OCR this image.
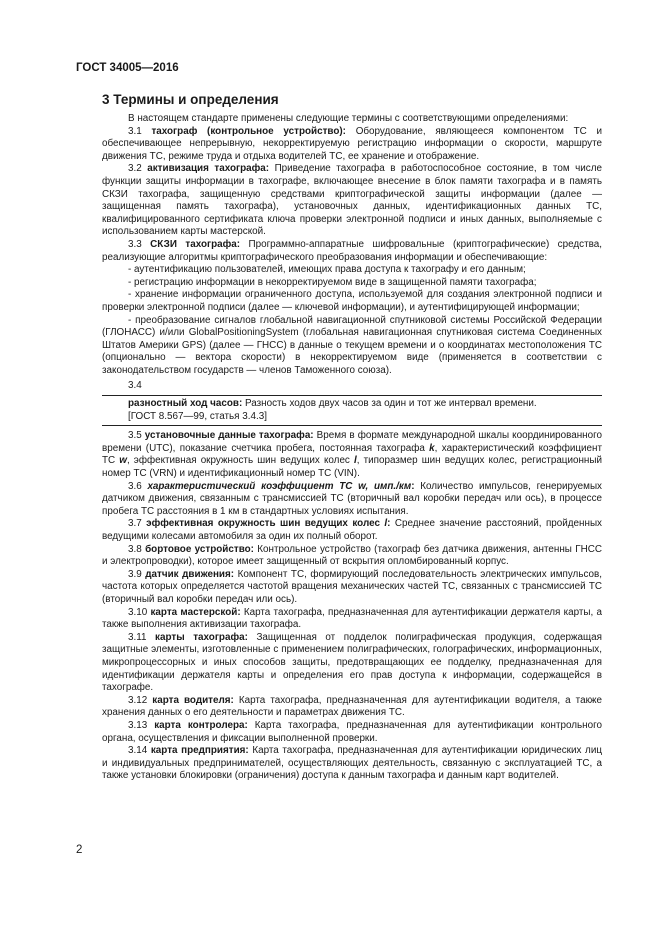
ГОСТ 34005—2016
3 Термины и определения

В настоящем стандарте применены следующие термины с соответствующими определениями:

3.1 тахограф (контрольное устройство): Оборудование, являющееся компонентом ТС и обеспечивающее непрерывную, некорректируемую регистрацию информации о скорости, маршруте движения ТС, режиме труда и отдыха водителей ТС, ее хранение и отображение.

3.2 активизация тахографа: Приведение тахографа в работоспособное состояние, в том числе функции защиты информации в тахографе, включающее внесение в блок памяти тахографа и в память СКЗИ тахографа, защищенную средствами криптографической защиты информации (далее — защищенная память тахографа), установочных данных, идентификационных данных ТС, квалифицированного сертификата ключа проверки электронной подписи и иных данных, выполняемые с использованием карты мастерской.

3.3 СКЗИ тахографа: Программно-аппаратные шифровальные (криптографические) средства, реализующие алгоритмы криптографического преобразования информации и обеспечивающие:

- аутентификацию пользователей, имеющих права доступа к тахографу и его данным;

- регистрацию информации в некорректируемом виде в защищенной памяти тахографа;

- хранение информации ограниченного доступа, используемой для создания электронной подписи и проверки электронной подписи (далее — ключевой информации), и аутентифицирующей информации;

- преобразование сигналов глобальной навигационной спутниковой системы Российской Федерации (ГЛОНАСС) и/или GlobalPositioningSystem (глобальная навигационная спутниковая система Соединенных Штатов Америки GPS) (далее — ГНСС) в данные о текущем времени и о координатах местоположения ТС (опционально — вектора скорости) в некорректируемом виде (применяется в соответствии с законодательством государств — членов Таможенного союза).

3.4

разностный ход часов: Разность ходов двух часов за один и тот же интервал времени.
[ГОСТ 8.567—99, статья 3.4.3]

3.5 установочные данные тахографа: Время в формате международной шкалы координированного времени (UTC), показание счетчика пробега, постоянная тахографа k, характеристический коэффициент ТС w, эффективная окружность шин ведущих колес l, типоразмер шин ведущих колес, регистрационный номер ТС (VRN) и идентификационный номер ТС (VIN).

3.6 характеристический коэффициент ТС w, имп./км: Количество импульсов, генерируемых датчиком движения, связанным с трансмиссией ТС (вторичный вал коробки передач или ось), в процессе пробега ТС расстояния в 1 км в стандартных условиях испытания.

3.7 эффективная окружность шин ведущих колес l: Среднее значение расстояний, пройденных ведущими колесами автомобиля за один их полный оборот.

3.8 бортовое устройство: Контрольное устройство (тахограф без датчика движения, антенны ГНСС и электропроводки), которое имеет защищенный от вскрытия опломбированный корпус.

3.9 датчик движения: Компонент ТС, формирующий последовательность электрических импульсов, частота которых определяется частотой вращения механических частей ТС, связанных с трансмиссией ТС (вторичный вал коробки передач или ось).

3.10 карта мастерской: Карта тахографа, предназначенная для аутентификации держателя карты, а также выполнения активизации тахографа.

3.11 карты тахографа: Защищенная от подделок полиграфическая продукция, содержащая защитные элементы, изготовленные с применением полиграфических, голографических, информационных, микропроцессорных и иных способов защиты, предотвращающих ее подделку, предназначенная для идентификации держателя карты и определения его прав доступа к информации, содержащейся в тахографе.

3.12 карта водителя: Карта тахографа, предназначенная для аутентификации водителя, а также хранения данных о его деятельности и параметрах движения ТС.

3.13 карта контролера: Карта тахографа, предназначенная для аутентификации контрольного органа, осуществления и фиксации выполненной проверки.

3.14 карта предприятия: Карта тахографа, предназначенная для аутентификации юридических лиц и индивидуальных предпринимателей, осуществляющих деятельность, связанную с эксплуатацией ТС, а также установки блокировки (ограничения) доступа к данным тахографа и данным карт водителей.

2
